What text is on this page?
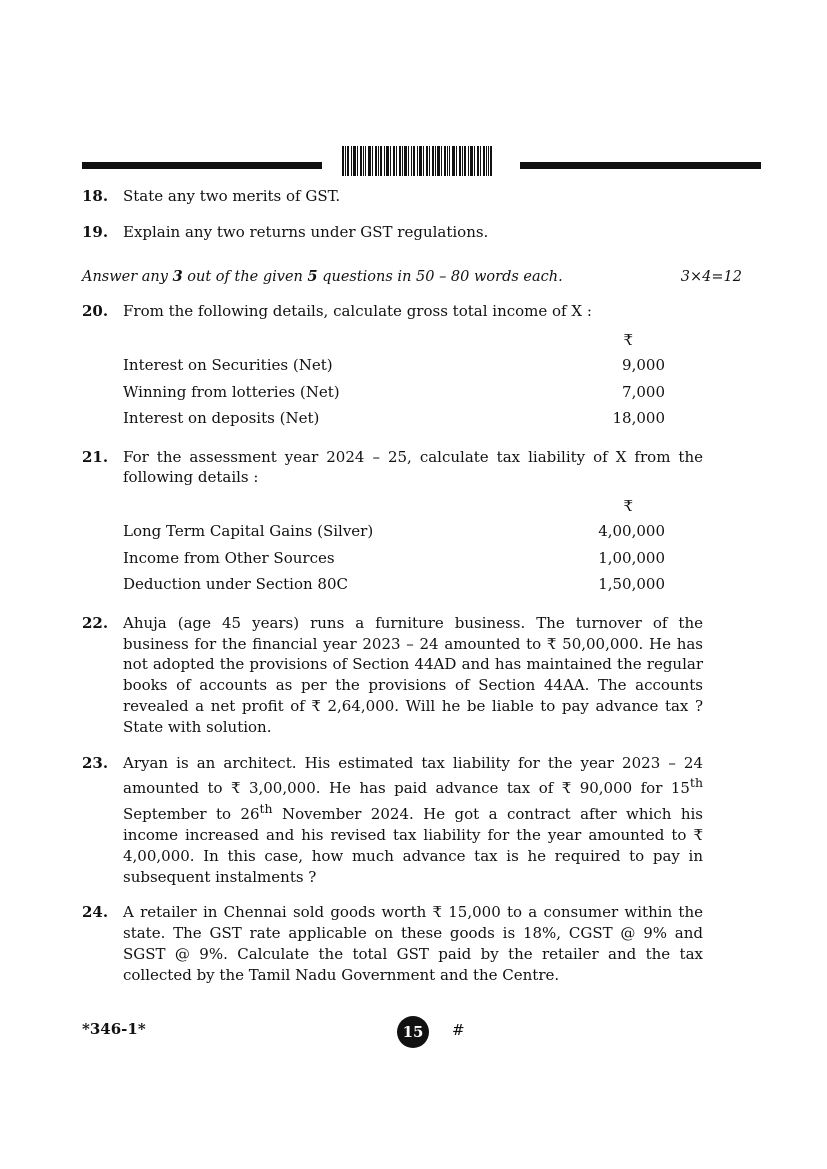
18. State any two merits of GST.
19. Explain any two returns under GST regulations.
Answer any 3 out of the given 5 questions in 50 – 80 words each.	3×4=12
20. From the following details, calculate gross total income of X :
₹
Interest on Securities (Net)	9,000
Winning from lotteries (Net)	7,000
Interest on deposits (Net)	18,000
21. For the assessment year 2024 – 25, calculate tax liability of X from the following details :
₹
Long Term Capital Gains (Silver)	4,00,000
Income from Other Sources	1,00,000
Deduction under Section 80C	1,50,000
22. Ahuja (age 45 years) runs a furniture business. The turnover of the business for the financial year 2023 – 24 amounted to ₹ 50,00,000. He has not adopted the provisions of Section 44AD and has maintained the regular books of accounts as per the provisions of Section 44AA. The accounts revealed a net profit of ₹ 2,64,000. Will he be liable to pay advance tax ? State with solution.
23. Aryan is an architect. His estimated tax liability for the year 2023 – 24 amounted to ₹ 3,00,000. He has paid advance tax of ₹ 90,000 for 15th September to 26th November 2024. He got a contract after which his income increased and his revised tax liability for the year amounted to ₹ 4,00,000. In this case, how much advance tax is he required to pay in subsequent instalments ?
24. A retailer in Chennai sold goods worth ₹ 15,000 to a consumer within the state. The GST rate applicable on these goods is 18%, CGST @ 9% and SGST @ 9%. Calculate the total GST paid by the retailer and the tax collected by the Tamil Nadu Government and the Centre.
*346-1*	15	#
